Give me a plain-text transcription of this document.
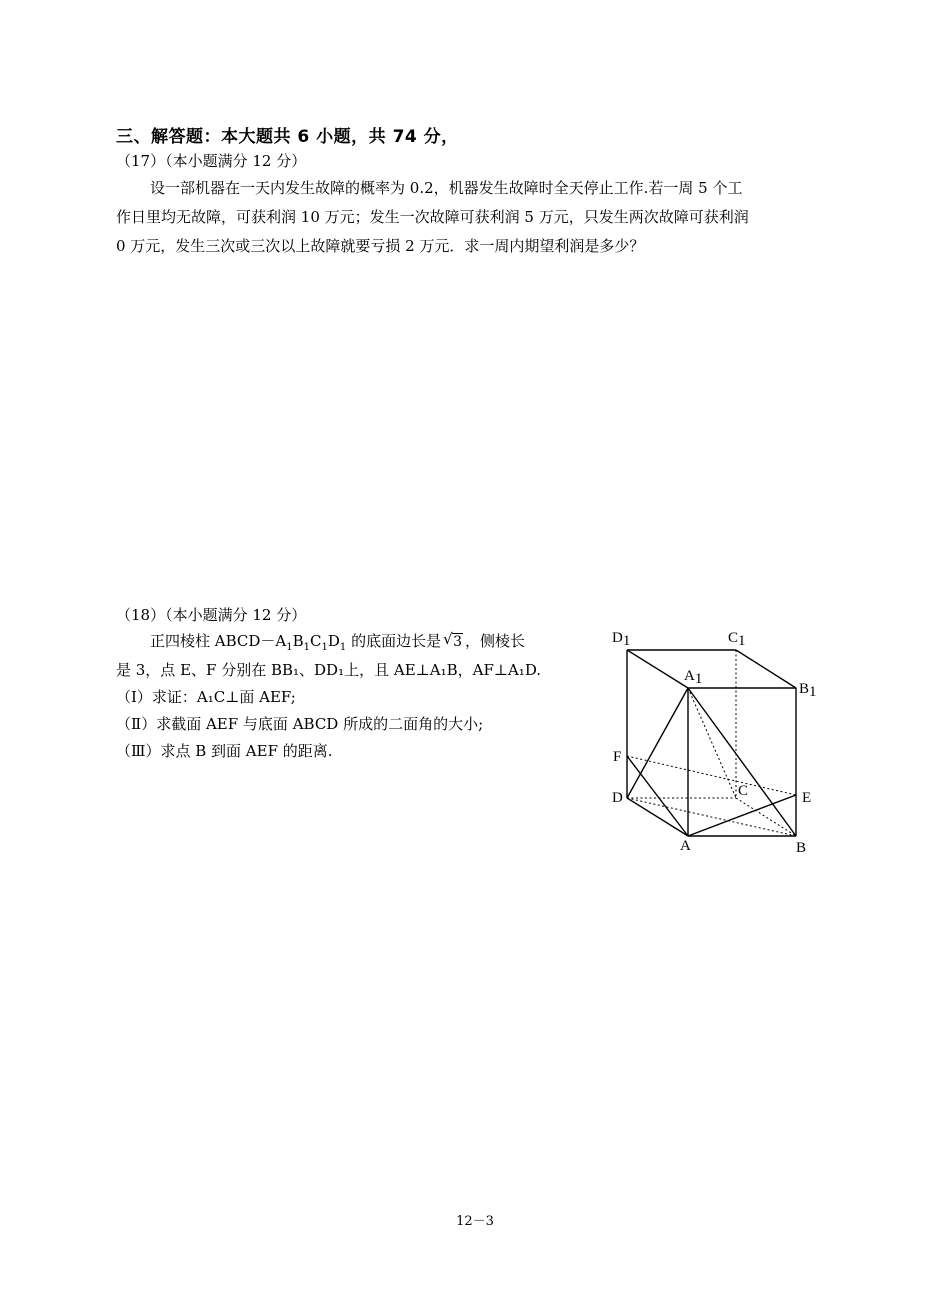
三、解答题：本大题共 6 小题，共 74 分，
（17）（本小题满分 12 分）
设一部机器在一天内发生故障的概率为 0.2，机器发生故障时全天停止工作.若一周 5 个工
作日里均无故障，可获利润 10 万元；发生一次故障可获利润 5 万元，只发生两次故障可获利润
0 万元，发生三次或三次以上故障就要亏损 2 万元．求一周内期望利润是多少？
（18）（本小题满分 12 分）
正四棱柱 $ABCD-A_1B_1C_1D_1$ 的底面边长是 √ 3 ，侧棱长
是 3，点 E、F 分别在 BB₁、DD₁上，且 AE⊥A₁B，AF⊥A₁D.
（Ⅰ）求证：A₁C⊥面 AEF;
（Ⅱ）求截面 AEF 与底面 ABCD 所成的二面角的大小;
（Ⅲ）求点 B 到面 AEF 的距离.
D1	C1
A1
B1
F
D	C	E
A	B
12－3
